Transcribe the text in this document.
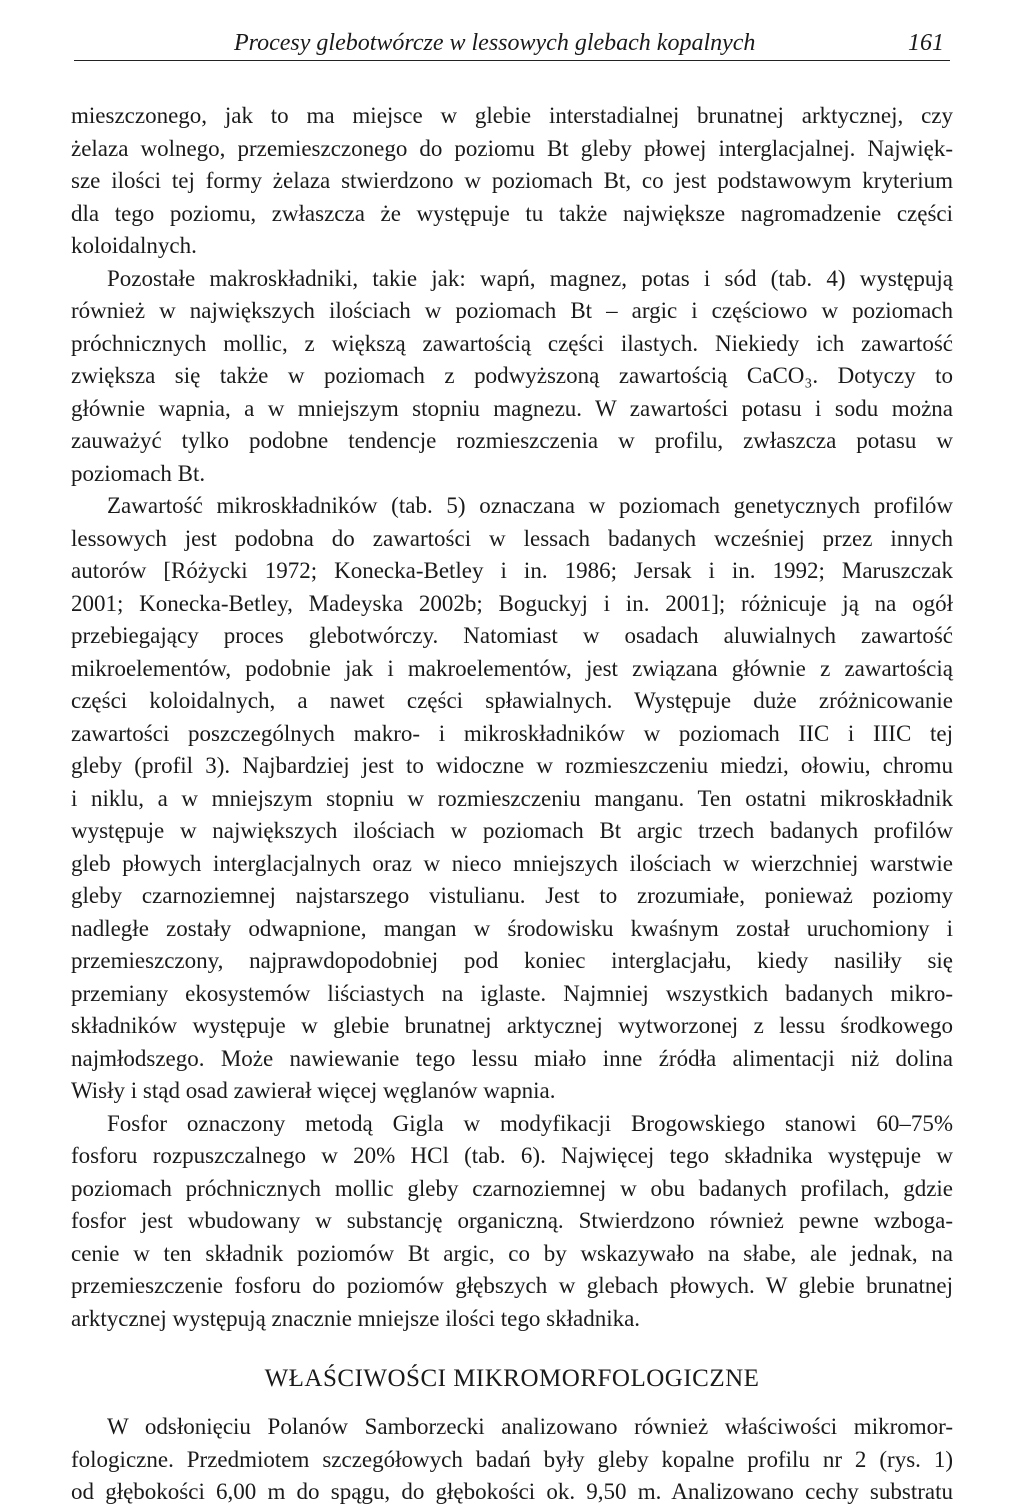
Procesy glebotwórcze w lessowych glebach kopalnych	161
mieszczonego, jak to ma miejsce w glebie interstadialnej brunatnej arktycznej, czy
żelaza wolnego, przemieszczonego do poziomu Bt gleby płowej interglacjalnej. Najwięk-
sze ilości tej formy żelaza stwierdzono w poziomach Bt, co jest podstawowym kryterium
dla tego poziomu, zwłaszcza że występuje tu także największe nagromadzenie części
koloidalnych.
Pozostałe makroskładniki, takie jak: wapń, magnez, potas i sód (tab. 4) występują
również w największych ilościach w poziomach Bt – argic i częściowo w poziomach
próchnicznych mollic, z większą zawartością części ilastych. Niekiedy ich zawartość
zwiększa się także w poziomach z podwyższoną zawartością CaCO₃. Dotyczy to
głównie wapnia, a w mniejszym stopniu magnezu. W zawartości potasu i sodu można
zauważyć tylko podobne tendencje rozmieszczenia w profilu, zwłaszcza potasu w
poziomach Bt.
Zawartość mikroskładników (tab. 5) oznaczana w poziomach genetycznych profilów
lessowych jest podobna do zawartości w lessach badanych wcześniej przez innych
autorów [Różycki 1972; Konecka-Betley i in. 1986; Jersak i in. 1992; Maruszczak
2001; Konecka-Betley, Madeyska 2002b; Boguckyj i in. 2001]; różnicuje ją na ogół
przebiegający proces glebotwórczy. Natomiast w osadach aluwialnych zawartość
mikroelementów, podobnie jak i makroelementów, jest związana głównie z zawartością
części koloidalnych, a nawet części spławialnych. Występuje duże zróżnicowanie
zawartości poszczególnych makro- i mikroskładników w poziomach IIC i IIIC tej
gleby (profil 3). Najbardziej jest to widoczne w rozmieszczeniu miedzi, ołowiu, chromu
i niklu, a w mniejszym stopniu w rozmieszczeniu manganu. Ten ostatni mikroskładnik
występuje w największych ilościach w poziomach Bt argic trzech badanych profilów
gleb płowych interglacjalnych oraz w nieco mniejszych ilościach w wierzchniej warstwie
gleby czarnoziemnej najstarszego vistulianu. Jest to zrozumiałe, ponieważ poziomy
nadległe zostały odwapnione, mangan w środowisku kwaśnym został uruchomiony i
przemieszczony, najprawdopodobniej pod koniec interglacjału, kiedy nasiliły się
przemiany ekosystemów liściastych na iglaste. Najmniej wszystkich badanych mikro-
składników występuje w glebie brunatnej arktycznej wytworzonej z lessu środkowego
najmłodszego. Może nawiewanie tego lessu miało inne źródła alimentacji niż dolina
Wisły i stąd osad zawierał więcej węglanów wapnia.
Fosfor oznaczony metodą Gigla w modyfikacji Brogowskiego stanowi 60–75%
fosforu rozpuszczalnego w 20% HCl (tab. 6). Najwięcej tego składnika występuje w
poziomach próchnicznych mollic gleby czarnoziemnej w obu badanych profilach, gdzie
fosfor jest wbudowany w substancję organiczną. Stwierdzono również pewne wzboga-
cenie w ten składnik poziomów Bt argic, co by wskazywało na słabe, ale jednak, na
przemieszczenie fosforu do poziomów głębszych w glebach płowych. W glebie brunatnej
arktycznej występują znacznie mniejsze ilości tego składnika.
WŁAŚCIWOŚCI MIKROMORFOLOGICZNE
W odsłonięciu Polanów Samborzecki analizowano również właściwości mikromor-
fologiczne. Przedmiotem szczegółowych badań były gleby kopalne profilu nr 2 (rys. 1)
od głębokości 6,00 m do spągu, do głębokości ok. 9,50 m. Analizowano cechy substratu
